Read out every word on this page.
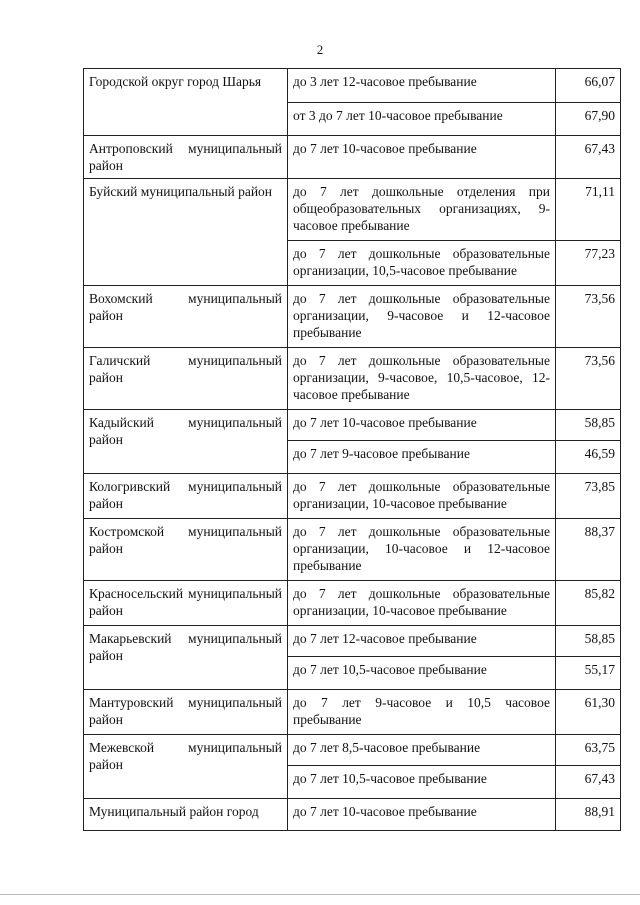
2
Городской округ город Шарья	до 3 лет 12-часовое пребывание	66,07
	от 3 до 7 лет 10-часовое пребывание	67,90
Антроповский муниципальный район	до 7 лет 10-часовое пребывание	67,43
Буйский муниципальный район	до 7 лет дошкольные отделения при общеобразовательных организациях, 9-часовое пребывание	71,11
	до 7 лет дошкольные образовательные организации, 10,5-часовое пребывание	77,23
Вохомский муниципальный район	до 7 лет дошкольные образовательные организации, 9-часовое и 12-часовое пребывание	73,56
Галичский муниципальный район	до 7 лет дошкольные образовательные организации, 9-часовое, 10,5-часовое, 12-часовое пребывание	73,56
Кадыйский муниципальный район	до 7 лет 10-часовое пребывание	58,85
	до 7 лет 9-часовое пребывание	46,59
Кологривский муниципальный район	до 7 лет дошкольные образовательные организации, 10-часовое пребывание	73,85
Костромской муниципальный район	до 7 лет дошкольные образовательные организации, 10-часовое и 12-часовое пребывание	88,37
Красносельский муниципальный район	до 7 лет дошкольные образовательные организации, 10-часовое пребывание	85,82
Макарьевский муниципальный район	до 7 лет 12-часовое пребывание	58,85
	до 7 лет 10,5-часовое пребывание	55,17
Мантуровский муниципальный район	до 7 лет 9-часовое и 10,5 часовое пребывание	61,30
Межевской муниципальный район	до 7 лет 8,5-часовое пребывание	63,75
	до 7 лет 10,5-часовое пребывание	67,43
Муниципальный район город	до 7 лет 10-часовое пребывание	88,91
